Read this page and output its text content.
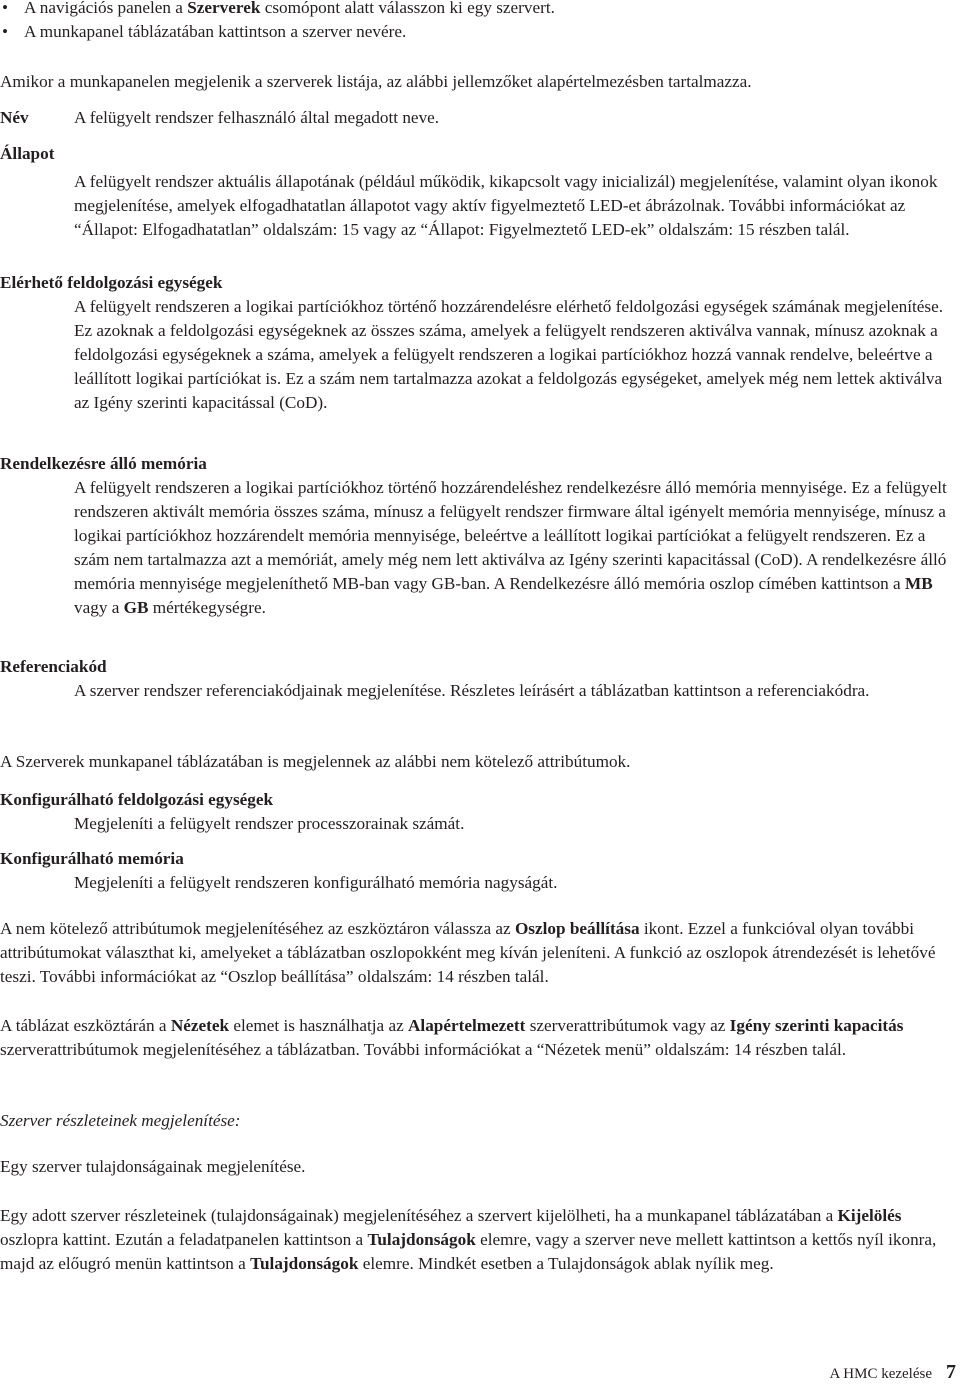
• A navigációs panelen a Szerverek csomópont alatt válasszon ki egy szervert.
• A munkapanel táblázatában kattintson a szerver nevére.

Amikor a munkapanelen megjelenik a szerverek listája, az alábbi jellemzőket alapértelmezésben tartalmazza.

Név	A felügyelt rendszer felhasználó által megadott neve.
Állapot
A felügyelt rendszer aktuális állapotának (például működik, kikapcsolt vagy inicializál) megjelenítése, valamint olyan ikonok megjelenítése, amelyek elfogadhatatlan állapotot vagy aktív figyelmeztető LED-et ábrázolnak. További információkat az “Állapot: Elfogadhatatlan” oldalszám: 15 vagy az “Állapot: Figyelmeztető LED-ek” oldalszám: 15 részben talál.
Elérhető feldolgozási egységek
A felügyelt rendszeren a logikai partíciókhoz történő hozzárendelésre elérhető feldolgozási egységek számának megjelenítése. Ez azoknak a feldolgozási egységeknek az összes száma, amelyek a felügyelt rendszeren aktiválva vannak, mínusz azoknak a feldolgozási egységeknek a száma, amelyek a felügyelt rendszeren a logikai partíciókhoz hozzá vannak rendelve, beleértve a leállított logikai partíciókat is. Ez a szám nem tartalmazza azokat a feldolgozás egységeket, amelyek még nem lettek aktiválva az Igény szerinti kapacitással (CoD).
Rendelkezésre álló memória
A felügyelt rendszeren a logikai partíciókhoz történő hozzárendeléshez rendelkezésre álló memória mennyisége. Ez a felügyelt rendszeren aktivált memória összes száma, mínusz a felügyelt rendszer firmware által igényelt memória mennyisége, mínusz a logikai partíciókhoz hozzárendelt memória mennyisége, beleértve a leállított logikai partíciókat a felügyelt rendszeren. Ez a szám nem tartalmazza azt a memóriát, amely még nem lett aktiválva az Igény szerinti kapacitással (CoD). A rendelkezésre álló memória mennyisége megjeleníthető MB-ban vagy GB-ban. A Rendelkezésre álló memória oszlop címében kattintson a MB vagy a GB mértékegységre.
Referenciakód
A szerver rendszer referenciakódjainak megjelenítése. Részletes leírásért a táblázatban kattintson a referenciakódra.

A Szerverek munkapanel táblázatában is megjelennek az alábbi nem kötelező attribútumok.

Konfigurálható feldolgozási egységek
Megjeleníti a felügyelt rendszer processzorainak számát.
Konfigurálható memória
Megjeleníti a felügyelt rendszeren konfigurálható memória nagyságát.

A nem kötelező attribútumok megjelenítéséhez az eszköztáron válassza az Oszlop beállítása ikont. Ezzel a funkcióval olyan további attribútumokat választhat ki, amelyeket a táblázatban oszlopokként meg kíván jeleníteni. A funkció az oszlopok átrendezését is lehetővé teszi. További információkat az “Oszlop beállítása” oldalszám: 14 részben talál.

A táblázat eszköztárán a Nézetek elemet is használhatja az Alapértelmezett szerverattribútumok vagy az Igény szerinti kapacitás szerverattribútumok megjelenítéséhez a táblázatban. További információkat a “Nézetek menü” oldalszám: 14 részben talál.

Szerver részleteinek megjelenítése:

Egy szerver tulajdonságainak megjelenítése.

Egy adott szerver részleteinek (tulajdonságainak) megjelenítéséhez a szervert kijelölheti, ha a munkapanel táblázatában a Kijelölés oszlopra kattint. Ezután a feladatpanelen kattintson a Tulajdonságok elemre, vagy a szerver neve mellett kattintson a kettős nyíl ikonra, majd az előugró menün kattintson a Tulajdonságok elemre. Mindkét esetben a Tulajdonságok ablak nyílik meg.

A HMC kezelése 7
